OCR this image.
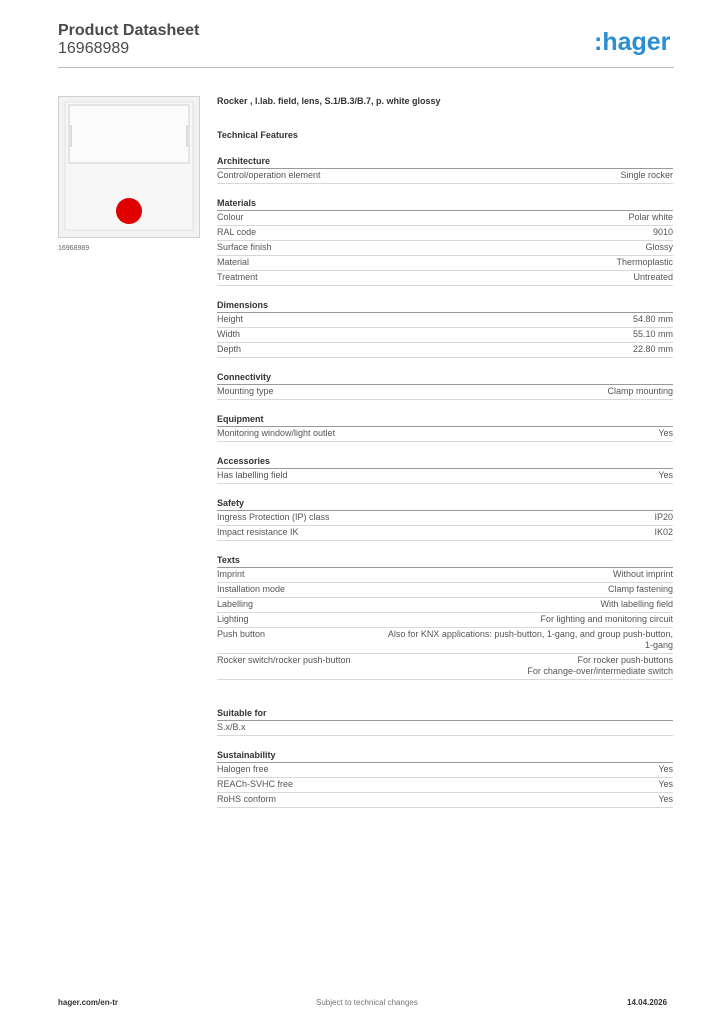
Product Datasheet
16968989	:hager
16968989
Rocker , l.lab. field, lens, S.1/B.3/B.7, p. white glossy
Technical Features
Architecture
Control/operation element	Single rocker
Materials
Colour	Polar white
RAL code	9010
Surface finish	Glossy
Material	Thermoplastic
Treatment	Untreated
Dimensions
Height	54.80 mm
Width	55.10 mm
Depth	22.80 mm
Connectivity
Mounting type	Clamp mounting
Equipment
Monitoring window/light outlet	Yes
Accessories
Has labelling field	Yes
Safety
Ingress Protection (IP) class	IP20
Impact resistance IK	IK02
Texts
Imprint	Without imprint
Installation mode	Clamp fastening
Labelling	With labelling field
Lighting	For lighting and monitoring circuit
Push button	Also for KNX applications: push-button, 1-gang, and group push-button,
1-gang
Rocker switch/rocker push-button	For rocker push-buttons
For change-over/intermediate switch
Suitable for
S.x/B.x
Sustainability
Halogen free	Yes
REACh-SVHC free	Yes
RoHS conform	Yes
hager.com/en-tr	Subject to technical changes	14.04.2026
